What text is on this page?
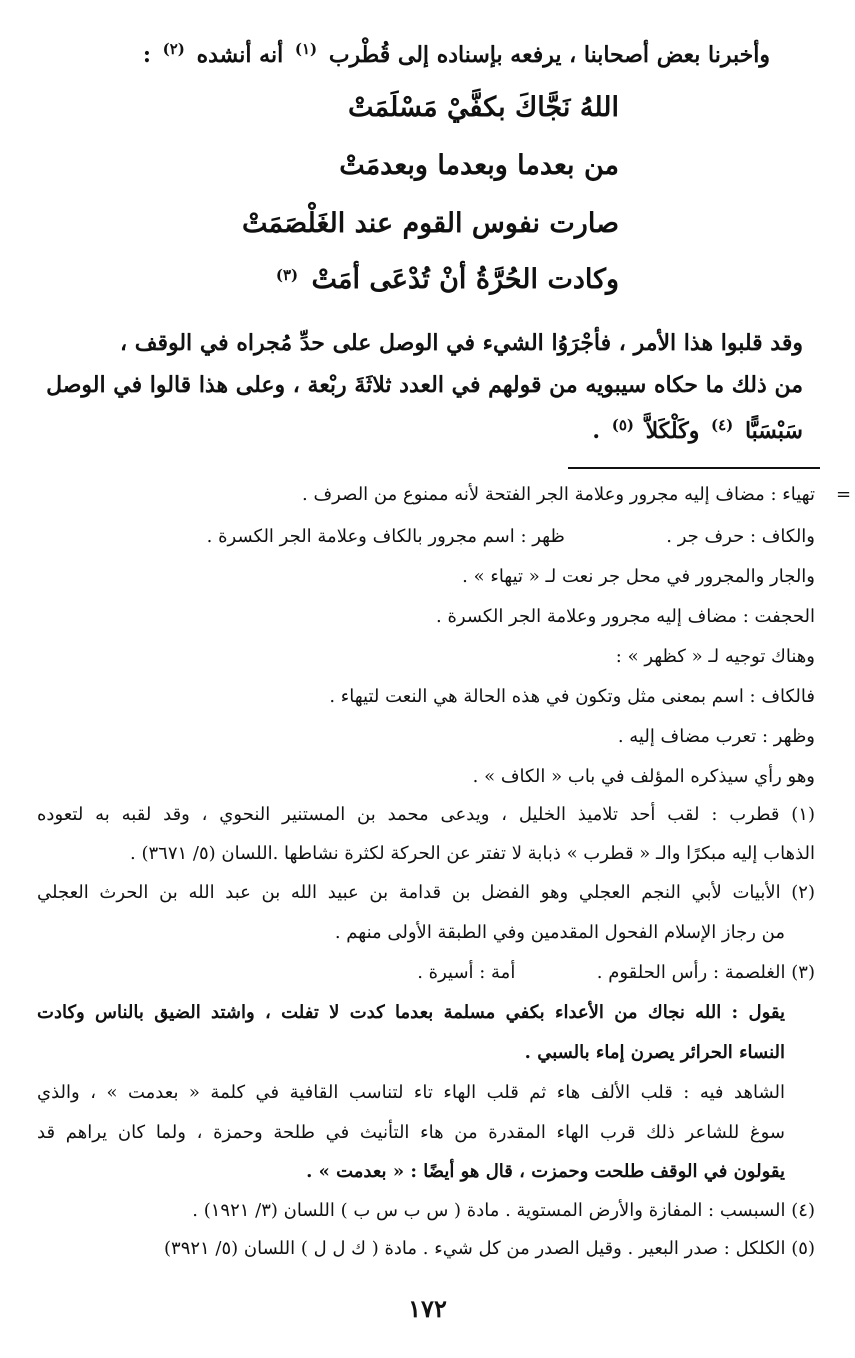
وأخبرنا بعض أصحابنا ، يرفعه بإسناده إلى قُطْرب $^{(١)}$ أنه أنشده $^{(٢)}$ :
اللهُ نَجَّاكَ بكفَّيْ مَسْلَمَتْ
من بعدما وبعدما وبعدمَتْ
صارت نفوس القوم عند الغَلْصَمَتْ
وكادت الحُرَّةُ أنْ تُدْعَى أمَتْ $^{(٣)}$
وقد قلبوا هذا الأمر ، فأجْرَوُا الشيء في الوصل على حدِّ مُجراه في الوقف ،
من ذلك ما حكاه سيبويه من قولهم في العدد ثلاثَةَ ربْعة ، وعلى هذا قالوا في الوصل
سَبْسَبًّا $^{(٤)}$ وكَلْكَلاَّ $^{(٥)}$ .
=
تهياء : مضاف إليه مجرور وعلامة الجر الفتحة لأنه ممنوع من الصرف .
والكاف : حرف جر .  ظهر : اسم مجرور بالكاف وعلامة الجر الكسرة .
والجار والمجرور في محل جر نعت لـ « تيهاء » .
الحجفت : مضاف إليه مجرور وعلامة الجر الكسرة .
وهناك توجيه لـ « كظهر » :
فالكاف : اسم بمعنى مثل وتكون في هذه الحالة هي النعت لتيهاء .
وظهر : تعرب مضاف إليه .
وهو رأي سيذكره المؤلف في باب « الكاف » .
(١) قطرب : لقب أحد تلاميذ الخليل ، ويدعى محمد بن المستنير النحوي ، وقد لقبه به لتعوده
الذهاب إليه مبكرًا والـ « قطرب » ذبابة لا تفتر عن الحركة لكثرة نشاطها .اللسان (٥/ ٣٦٧١) .
(٢) الأبيات لأبي النجم العجلي وهو الفضل بن قدامة بن عبيد الله بن عبد الله بن الحرث العجلي
من رجاز الإسلام الفحول المقدمين وفي الطبقة الأولى منهم .
(٣) الغلصمة : رأس الحلقوم .  أمة : أسيرة .
يقول : الله نجاك من الأعداء بكفي مسلمة بعدما كدت لا تفلت ، واشتد الضيق بالناس وكادت
النساء الحرائر يصرن إماء بالسبي .
الشاهد فيه : قلب الألف هاء ثم قلب الهاء تاء لتناسب القافية في كلمة « بعدمت » ، والذي
سوغ للشاعر ذلك قرب الهاء المقدرة من هاء التأنيث في طلحة وحمزة ، ولما كان يراهم قد
يقولون في الوقف طلحت وحمزت ، قال هو أيضًا : « بعدمت » .
(٤) السبسب : المفازة والأرض المستوية . مادة ( س ب س ب ) اللسان (٣/ ١٩٢١) .
(٥) الكلكل : صدر البعير . وقيل الصدر من كل شيء . مادة ( ك ل ل ) اللسان (٥/ ٣٩٢١)
١٧٢
